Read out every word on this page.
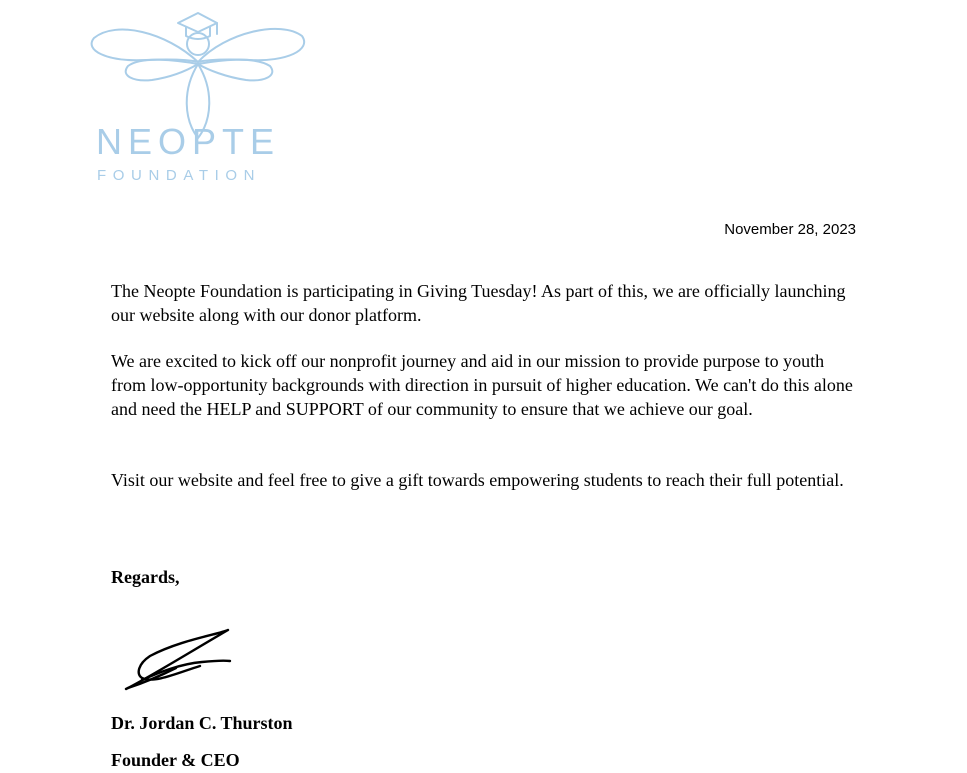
NEOPTE
FOUNDATION
November 28, 2023

The Neopte Foundation is participating in Giving Tuesday! As part of this, we are officially launching our website along with our donor platform.

We are excited to kick off our nonprofit journey and aid in our mission to provide purpose to youth from low-opportunity backgrounds with direction in pursuit of higher education. We can't do this alone and need the HELP and SUPPORT of our community to ensure that we achieve our goal.

Visit our website and feel free to give a gift towards empowering students to reach their full potential.

Regards,
Dr. Jordan C. Thurston
Founder & CEO
